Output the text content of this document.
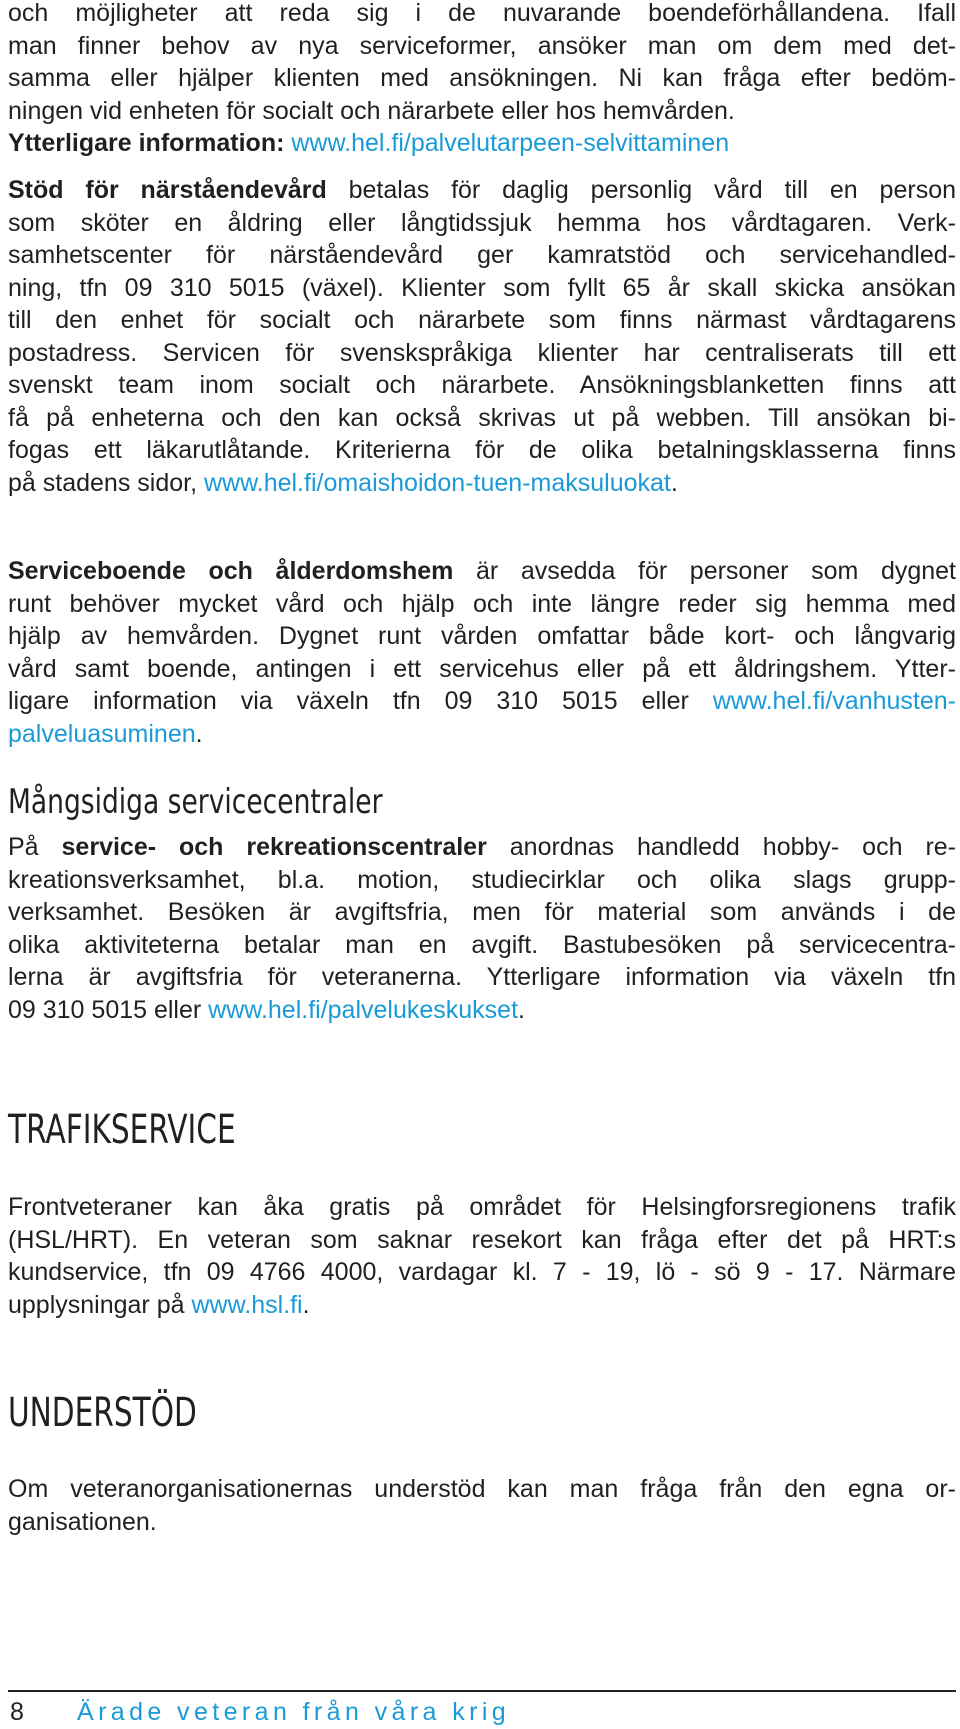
och möjligheter att reda sig i de nuvarande boendeförhållandena. Ifall
man finner behov av nya serviceformer, ansöker man om dem med det-
samma eller hjälper klienten med ansökningen. Ni kan fråga efter bedöm-
ningen vid enheten för socialt och närarbete eller hos hemvården.
Ytterligare information: www.hel.fi/palvelutarpeen-selvittaminen
Stöd för närståendevård betalas för daglig personlig vård till en person
som sköter en åldring eller långtidssjuk hemma hos vårdtagaren. Verk-
samhetscenter för närståendevård ger kamratstöd och servicehandled-
ning, tfn 09 310 5015 (växel). Klienter som fyllt 65 år skall skicka ansökan
till den enhet för socialt och närarbete som finns närmast vårdtagarens
postadress. Servicen för svenskspråkiga klienter har centraliserats till ett
svenskt team inom socialt och närarbete. Ansökningsblanketten finns att
få på enheterna och den kan också skrivas ut på webben. Till ansökan bi-
fogas ett läkarutlåtande. Kriterierna för de olika betalningsklasserna finns
på stadens sidor, www.hel.fi/omaishoidon-tuen-maksuluokat.
Serviceboende och ålderdomshem är avsedda för personer som dygnet
runt behöver mycket vård och hjälp och inte längre reder sig hemma med
hjälp av hemvården. Dygnet runt vården omfattar både kort- och långvarig
vård samt boende, antingen i ett servicehus eller på ett åldringshem. Ytter-
ligare information via växeln tfn 09 310 5015 eller www.hel.fi/vanhusten-
palveluasuminen.
Mångsidiga servicecentraler
På service- och rekreationscentraler anordnas handledd hobby- och re-
kreationsverksamhet, bl.a. motion, studiecirklar och olika slags grupp-
verksamhet. Besöken är avgiftsfria, men för material som används i de
olika aktiviteterna betalar man en avgift. Bastubesöken på servicecentra-
lerna är avgiftsfria för veteranerna. Ytterligare information via växeln tfn
09 310 5015 eller www.hel.fi/palvelukeskukset.
TRAFIKSERVICE
Frontveteraner kan åka gratis på området för Helsingforsregionens trafik
(HSL/HRT). En veteran som saknar resekort kan fråga efter det på HRT:s
kundservice, tfn 09 4766 4000, vardagar kl. 7 - 19, lö - sö 9 - 17. Närmare
upplysningar på www.hsl.fi.
UNDERSTÖD
Om veteranorganisationernas understöd kan man fråga från den egna or-
ganisationen.
8 Ärade veteran från våra krig
